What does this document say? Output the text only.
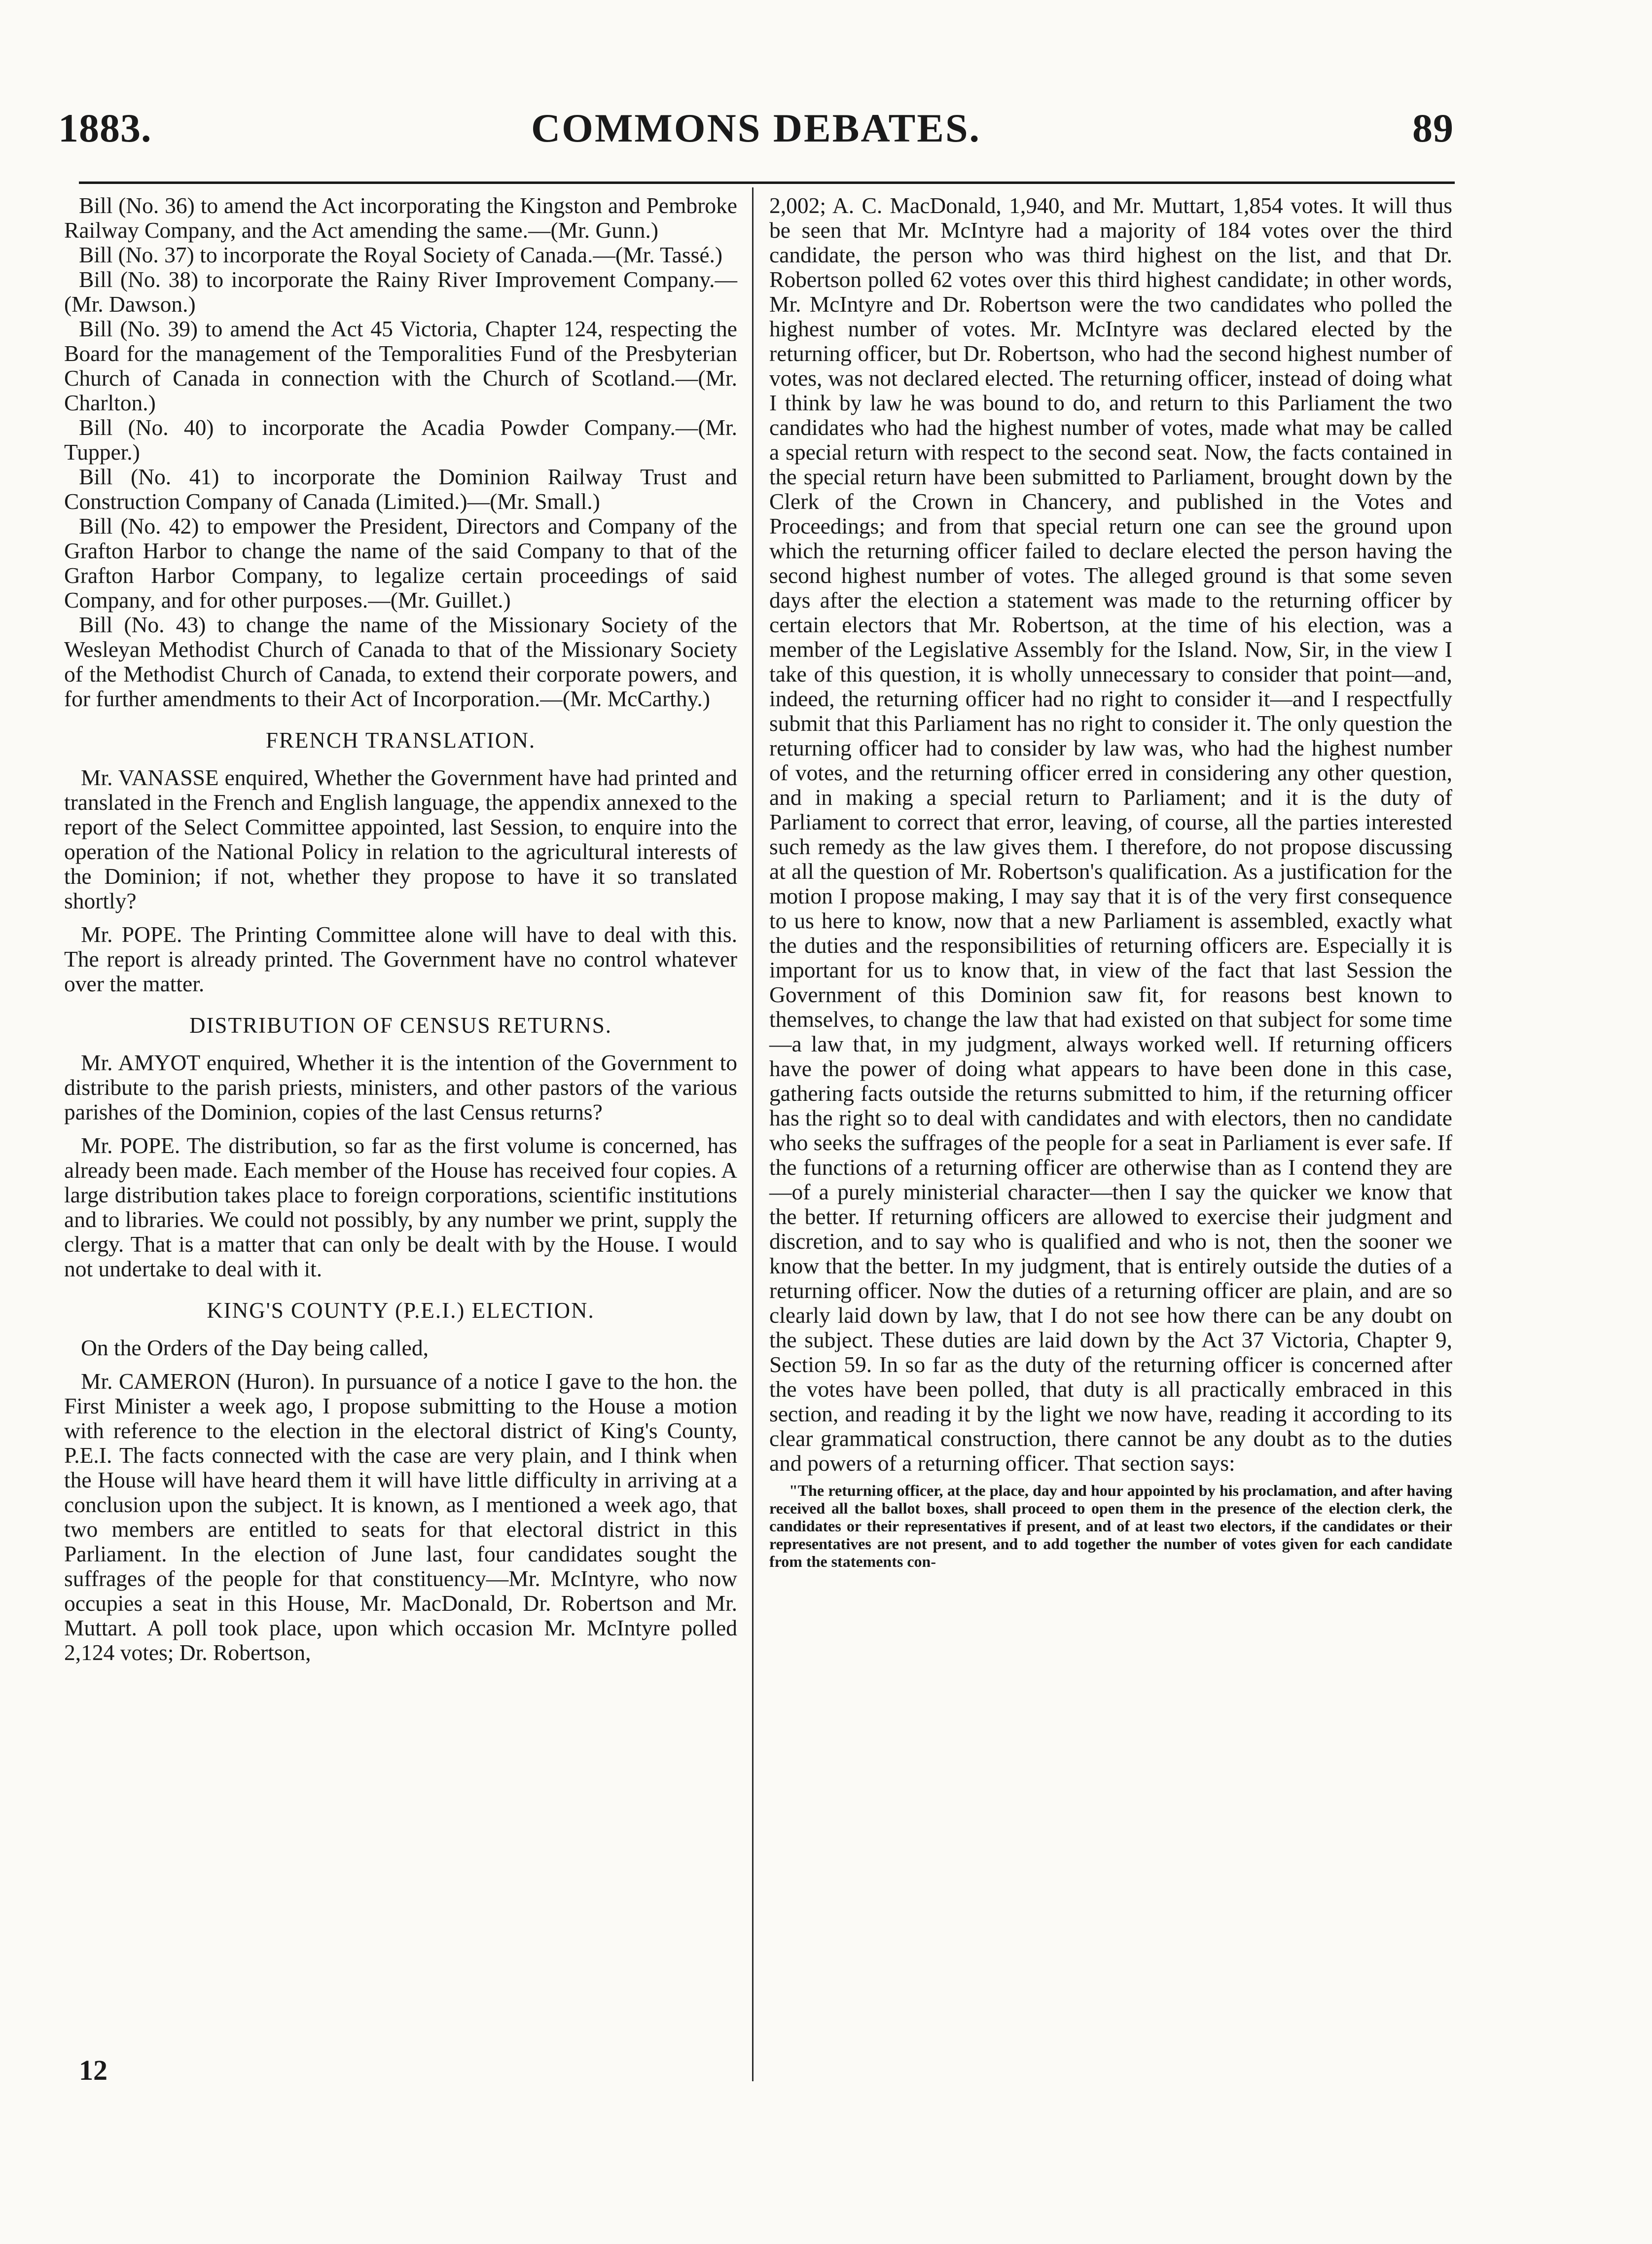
1883.	COMMONS DEBATES.	89

Bill (No. 36) to amend the Act incorporating the Kingston and Pembroke Railway Company, and the Act amending the same.—(Mr. Gunn.)

Bill (No. 37) to incorporate the Royal Society of Canada.—(Mr. Tassé.)

Bill (No. 38) to incorporate the Rainy River Improvement Company.—(Mr. Dawson.)

Bill (No. 39) to amend the Act 45 Victoria, Chapter 124, respecting the Board for the management of the Temporalities Fund of the Presbyterian Church of Canada in connection with the Church of Scotland.—(Mr. Charlton.)

Bill (No. 40) to incorporate the Acadia Powder Company.—(Mr. Tupper.)

Bill (No. 41) to incorporate the Dominion Railway Trust and Construction Company of Canada (Limited.)—(Mr. Small.)

Bill (No. 42) to empower the President, Directors and Company of the Grafton Harbor to change the name of the said Company to that of the Grafton Harbor Company, to legalize certain proceedings of said Company, and for other purposes.—(Mr. Guillet.)

Bill (No. 43) to change the name of the Missionary Society of the Wesleyan Methodist Church of Canada to that of the Missionary Society of the Methodist Church of Canada, to extend their corporate powers, and for further amendments to their Act of Incorporation.—(Mr. McCarthy.)

FRENCH TRANSLATION.

Mr. VANASSE enquired, Whether the Government have had printed and translated in the French and English language, the appendix annexed to the report of the Select Committee appointed, last Session, to enquire into the operation of the National Policy in relation to the agricultural interests of the Dominion; if not, whether they propose to have it so translated shortly?

Mr. POPE. The Printing Committee alone will have to deal with this. The report is already printed. The Government have no control whatever over the matter.

DISTRIBUTION OF CENSUS RETURNS.

Mr. AMYOT enquired, Whether it is the intention of the Government to distribute to the parish priests, ministers, and other pastors of the various parishes of the Dominion, copies of the last Census returns?

Mr. POPE. The distribution, so far as the first volume is concerned, has already been made. Each member of the House has received four copies. A large distribution takes place to foreign corporations, scientific institutions and to libraries. We could not possibly, by any number we print, supply the clergy. That is a matter that can only be dealt with by the House. I would not undertake to deal with it.

KING'S COUNTY (P.E.I.) ELECTION.

On the Orders of the Day being called,

Mr. CAMERON (Huron). In pursuance of a notice I gave to the hon. the First Minister a week ago, I propose submitting to the House a motion with reference to the election in the electoral district of King's County, P.E.I. The facts connected with the case are very plain, and I think when the House will have heard them it will have little difficulty in arriving at a conclusion upon the subject. It is known, as I mentioned a week ago, that two members are entitled to seats for that electoral district in this Parliament. In the election of June last, four candidates sought the suffrages of the people for that constituency—Mr. McIntyre, who now occupies a seat in this House, Mr. MacDonald, Dr. Robertson and Mr. Muttart. A poll took place, upon which occasion Mr. McIntyre polled 2,124 votes; Dr. Robertson,

2,002; A. C. MacDonald, 1,940, and Mr. Muttart, 1,854 votes. It will thus be seen that Mr. McIntyre had a majority of 184 votes over the third candidate, the person who was third highest on the list, and that Dr. Robertson polled 62 votes over this third highest candidate; in other words, Mr. McIntyre and Dr. Robertson were the two candidates who polled the highest number of votes. Mr. McIntyre was declared elected by the returning officer, but Dr. Robertson, who had the second highest number of votes, was not declared elected. The returning officer, instead of doing what I think by law he was bound to do, and return to this Parliament the two candidates who had the highest number of votes, made what may be called a special return with respect to the second seat. Now, the facts contained in the special return have been submitted to Parliament, brought down by the Clerk of the Crown in Chancery, and published in the Votes and Proceedings; and from that special return one can see the ground upon which the returning officer failed to declare elected the person having the second highest number of votes. The alleged ground is that some seven days after the election a statement was made to the returning officer by certain electors that Mr. Robertson, at the time of his election, was a member of the Legislative Assembly for the Island. Now, Sir, in the view I take of this question, it is wholly unnecessary to consider that point—and, indeed, the returning officer had no right to consider it—and I respectfully submit that this Parliament has no right to consider it. The only question the returning officer had to consider by law was, who had the highest number of votes, and the returning officer erred in considering any other question, and in making a special return to Parliament; and it is the duty of Parliament to correct that error, leaving, of course, all the parties interested such remedy as the law gives them. I therefore, do not propose discussing at all the question of Mr. Robertson's qualification. As a justification for the motion I propose making, I may say that it is of the very first consequence to us here to know, now that a new Parliament is assembled, exactly what the duties and the responsibilities of returning officers are. Especially it is important for us to know that, in view of the fact that last Session the Government of this Dominion saw fit, for reasons best known to themselves, to change the law that had existed on that subject for some time—a law that, in my judgment, always worked well. If returning officers have the power of doing what appears to have been done in this case, gathering facts outside the returns submitted to him, if the returning officer has the right so to deal with candidates and with electors, then no candidate who seeks the suffrages of the people for a seat in Parliament is ever safe. If the functions of a returning officer are otherwise than as I contend they are—of a purely ministerial character—then I say the quicker we know that the better. If returning officers are allowed to exercise their judgment and discretion, and to say who is qualified and who is not, then the sooner we know that the better. In my judgment, that is entirely outside the duties of a returning officer. Now the duties of a returning officer are plain, and are so clearly laid down by law, that I do not see how there can be any doubt on the subject. These duties are laid down by the Act 37 Victoria, Chapter 9, Section 59. In so far as the duty of the returning officer is concerned after the votes have been polled, that duty is all practically embraced in this section, and reading it by the light we now have, reading it according to its clear grammatical construction, there cannot be any doubt as to the duties and powers of a returning officer. That section says:

"The returning officer, at the place, day and hour appointed by his proclamation, and after having received all the ballot boxes, shall proceed to open them in the presence of the election clerk, the candidates or their representatives if present, and of at least two electors, if the candidates or their representatives are not present, and to add together the number of votes given for each candidate from the statements con-

12
